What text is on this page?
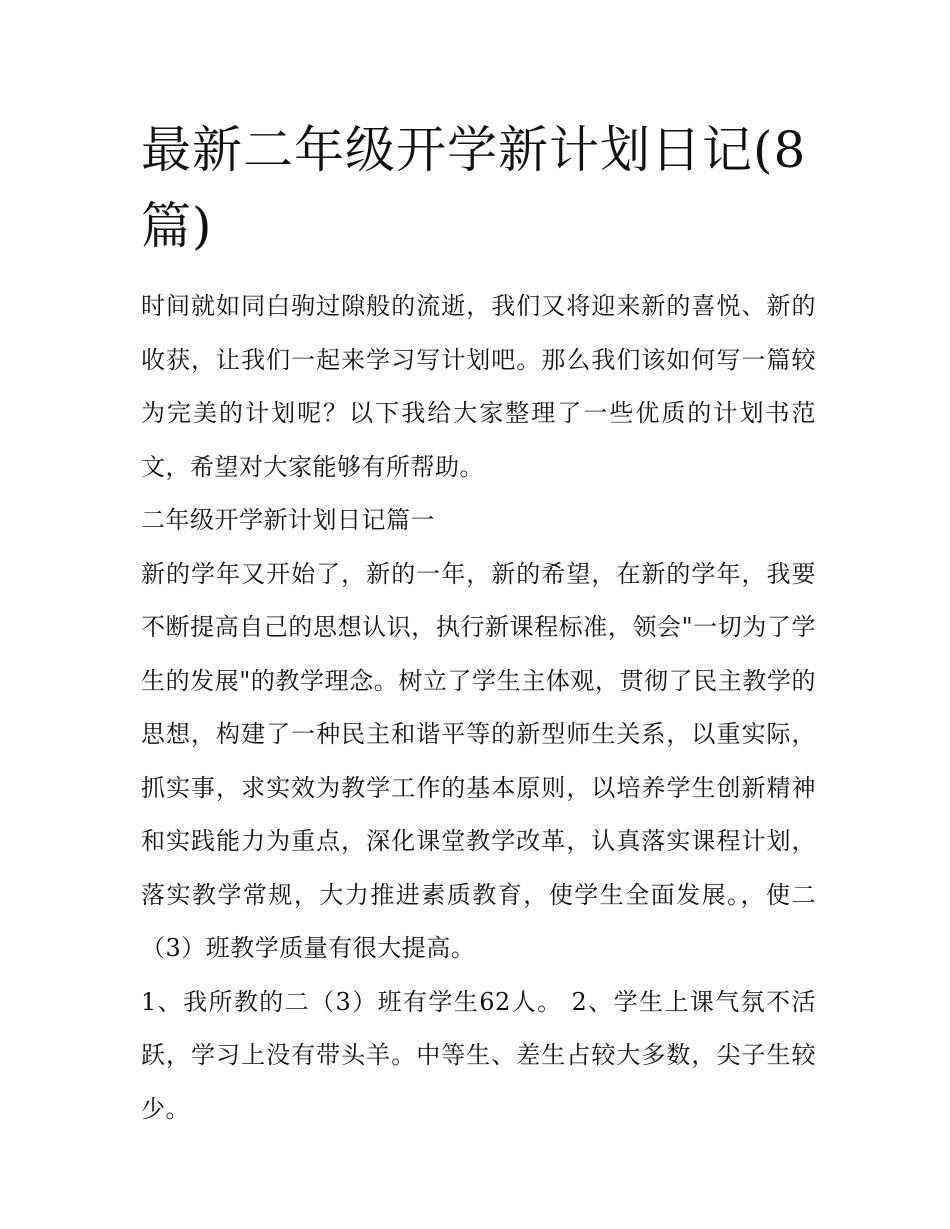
最新二年级开学新计划日记(8篇)

时间就如同白驹过隙般的流逝，我们又将迎来新的喜悦、新的收获，让我们一起来学习写计划吧。那么我们该如何写一篇较为完美的计划呢？以下我给大家整理了一些优质的计划书范文，希望对大家能够有所帮助。

二年级开学新计划日记篇一

新的学年又开始了，新的一年，新的希望，在新的学年，我要不断提高自己的思想认识，执行新课程标准，领会"一切为了学生的发展"的教学理念。树立了学生主体观，贯彻了民主教学的思想，构建了一种民主和谐平等的新型师生关系，以重实际，抓实事，求实效为教学工作的基本原则，以培养学生创新精神和实践能力为重点，深化课堂教学改革，认真落实课程计划，落实教学常规，大力推进素质教育，使学生全面发展。，使二（3）班教学质量有很大提高。

1、我所教的二（3）班有学生62人。 2、学生上课气氛不活跃，学习上没有带头羊。中等生、差生占较大多数，尖子生较少。
